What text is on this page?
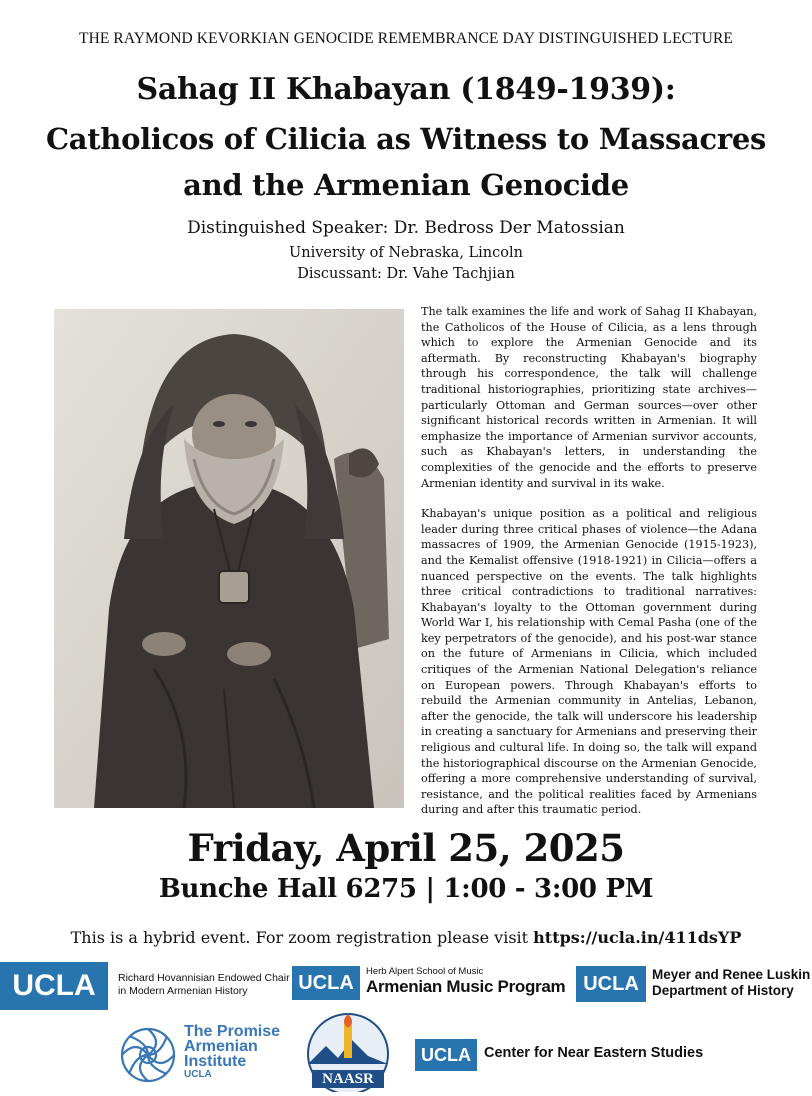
THE RAYMOND KEVORKIAN GENOCIDE REMEMBRANCE DAY DISTINGUISHED LECTURE
Sahag II Khabayan (1849-1939):
Catholicos of Cilicia as Witness to Massacres
and the Armenian Genocide
Distinguished Speaker: Dr. Bedross Der Matossian
University of Nebraska, Lincoln
Discussant: Dr. Vahe Tachjian

The talk examines the life and work of Sahag II Khabayan, the Catholicos of the House of Cilicia, as a lens through which to explore the Armenian Genocide and its aftermath. By reconstructing Khabayan's biography through his correspondence, the talk will challenge traditional historiographies, prioritizing state archives—particularly Ottoman and German sources—over other significant historical records written in Armenian. It will emphasize the importance of Armenian survivor accounts, such as Khabayan's letters, in understanding the complexities of the genocide and the efforts to preserve Armenian identity and survival in its wake.

Khabayan's unique position as a political and religious leader during three critical phases of violence—the Adana massacres of 1909, the Armenian Genocide (1915-1923), and the Kemalist offensive (1918-1921) in Cilicia—offers a nuanced perspective on the events. The talk highlights three critical contradictions to traditional narratives: Khabayan's loyalty to the Ottoman government during World War I, his relationship with Cemal Pasha (one of the key perpetrators of the genocide), and his post-war stance on the future of Armenians in Cilicia, which included critiques of the Armenian National Delegation's reliance on European powers. Through Khabayan's efforts to rebuild the Armenian community in Antelias, Lebanon, after the genocide, the talk will underscore his leadership in creating a sanctuary for Armenians and preserving their religious and cultural life. In doing so, the talk will expand the historiographical discourse on the Armenian Genocide, offering a more comprehensive understanding of survival, resistance, and the political realities faced by Armenians during and after this traumatic period.

Friday, April 25, 2025
Bunche Hall 6275 | 1:00 - 3:00 PM
This is a hybrid event. For zoom registration please visit https://ucla.in/411dsYP
UCLA	Richard Hovannisian Endowed Chair
in Modern Armenian History	UCLA	Herb Alpert School of Music
Armenian Music Program UCLA Meyer and Renee Luskin
Department of History
The Promise
Armenian
Institute
UCLA	NAASR
UCLA Center for Near Eastern Studies
